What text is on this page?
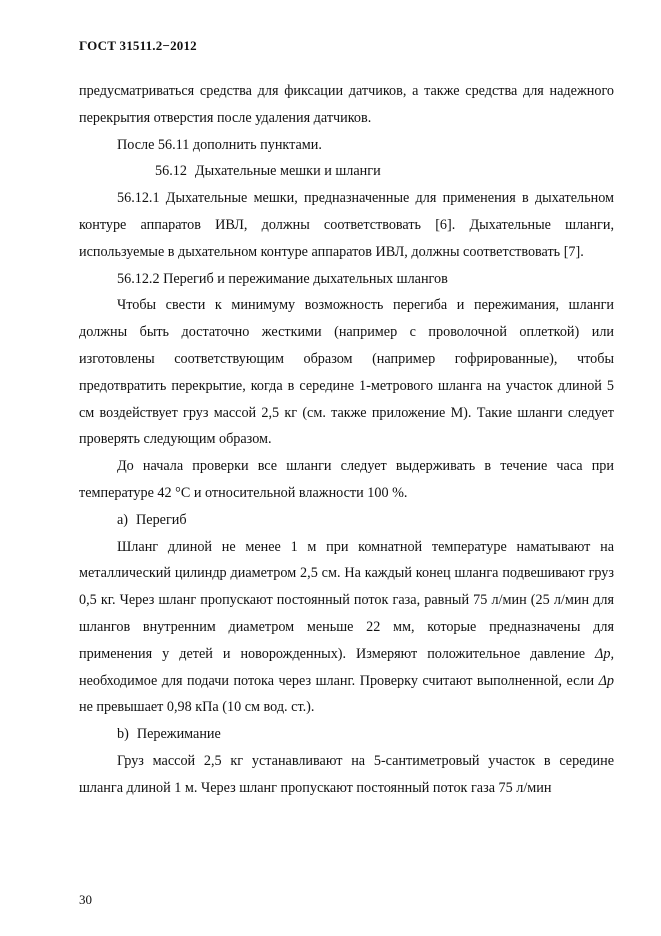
ГОСТ 31511.2−2012

предусматриваться средства для фиксации датчиков, а также средства для надежного перекрытия отверстия после удаления датчиков.

После 56.11 дополнить пунктами.

56.12 Дыхательные мешки и шланги

56.12.1 Дыхательные мешки, предназначенные для применения в дыхательном контуре аппаратов ИВЛ, должны соответствовать [6]. Дыхательные шланги, используемые в дыхательном контуре аппаратов ИВЛ, должны соответствовать [7].

56.12.2 Перегиб и пережимание дыхательных шлангов

Чтобы свести к минимуму возможность перегиба и пережимания, шланги должны быть достаточно жесткими (например с проволочной оплеткой) или изготовлены соответствующим образом (например гофрированные), чтобы предотвратить перекрытие, когда в середине 1-метрового шланга на участок длиной 5 см воздействует груз массой 2,5 кг (см. также приложение М). Такие шланги следует проверять следующим образом.

До начала проверки все шланги следует выдерживать в течение часа при температуре 42 °С и относительной влажности 100 %.

a) Перегиб

Шланг длиной не менее 1 м при комнатной температуре наматывают на металлический цилиндр диаметром 2,5 см. На каждый конец шланга подвешивают груз 0,5 кг. Через шланг пропускают постоянный поток газа, равный 75 л/мин (25 л/мин для шлангов внутренним диаметром меньше 22 мм, которые предназначены для применения у детей и новорожденных). Измеряют положительное давление Δp, необходимое для подачи потока через шланг. Проверку считают выполненной, если Δp не превышает 0,98 кПа (10 см вод. ст.).

b) Пережимание

Груз массой 2,5 кг устанавливают на 5-сантиметровый участок в середине шланга длиной 1 м. Через шланг пропускают постоянный поток газа 75 л/мин

30
